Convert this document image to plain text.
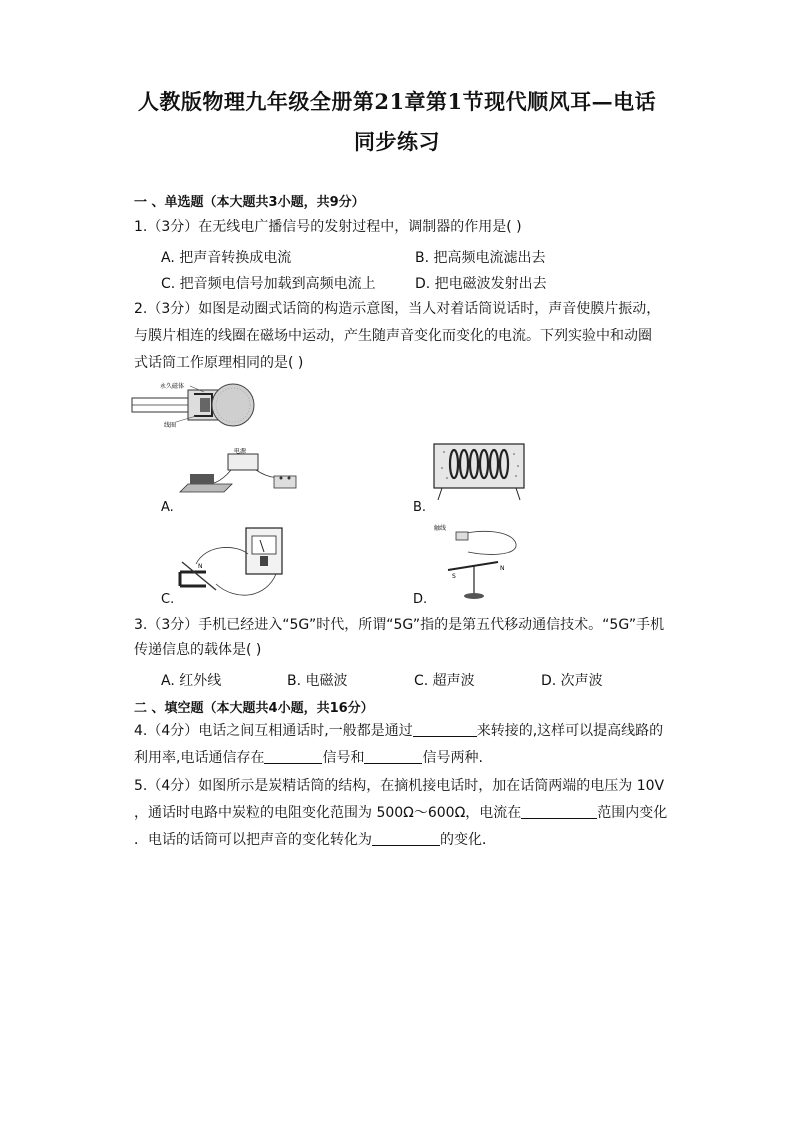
人教版物理九年级全册第21章第1节现代顺风耳—电话
同步练习
一 、单选题（本大题共3小题，共9分）
1.（3分）在无线电广播信号的发射过程中，调制器的作用是( )
A. 把声音转换成电流	B. 把高频电流滤出去
C. 把音频电信号加载到高频电流上	D. 把电磁波发射出去
2.（3分）如图是动圈式话筒的构造示意图，当人对着话筒说话时，声音使膜片振动，
与膜片相连的线圈在磁场中运动，产生随声音变化而变化的电流。下列实验中和动圈
式话筒工作原理相同的是( )
永久磁体
线圈
电源
A.	B.
N
C.
触线
S
N
D.
3.（3分）手机已经进入“5G”时代，所谓“5G”指的是第五代移动通信技术。“5G”手机
传递信息的载体是( )
A. 红外线	B. 电磁波	C. 超声波	D. 次声波
二 、填空题（本大题共4小题，共16分）
4.（4分）电话之间互相通话时,一般都是通过	来转接的,这样可以提高线路的
利用率,电话通信存在	信号和	信号两种.
5.（4分）如图所示是炭精话筒的结构，在摘机接电话时，加在话筒两端的电压为 10V
，通话时电路中炭粒的电阻变化范围为 500Ω～600Ω，电流在	范围内变化
．电话的话筒可以把声音的变化转化为	的变化．
